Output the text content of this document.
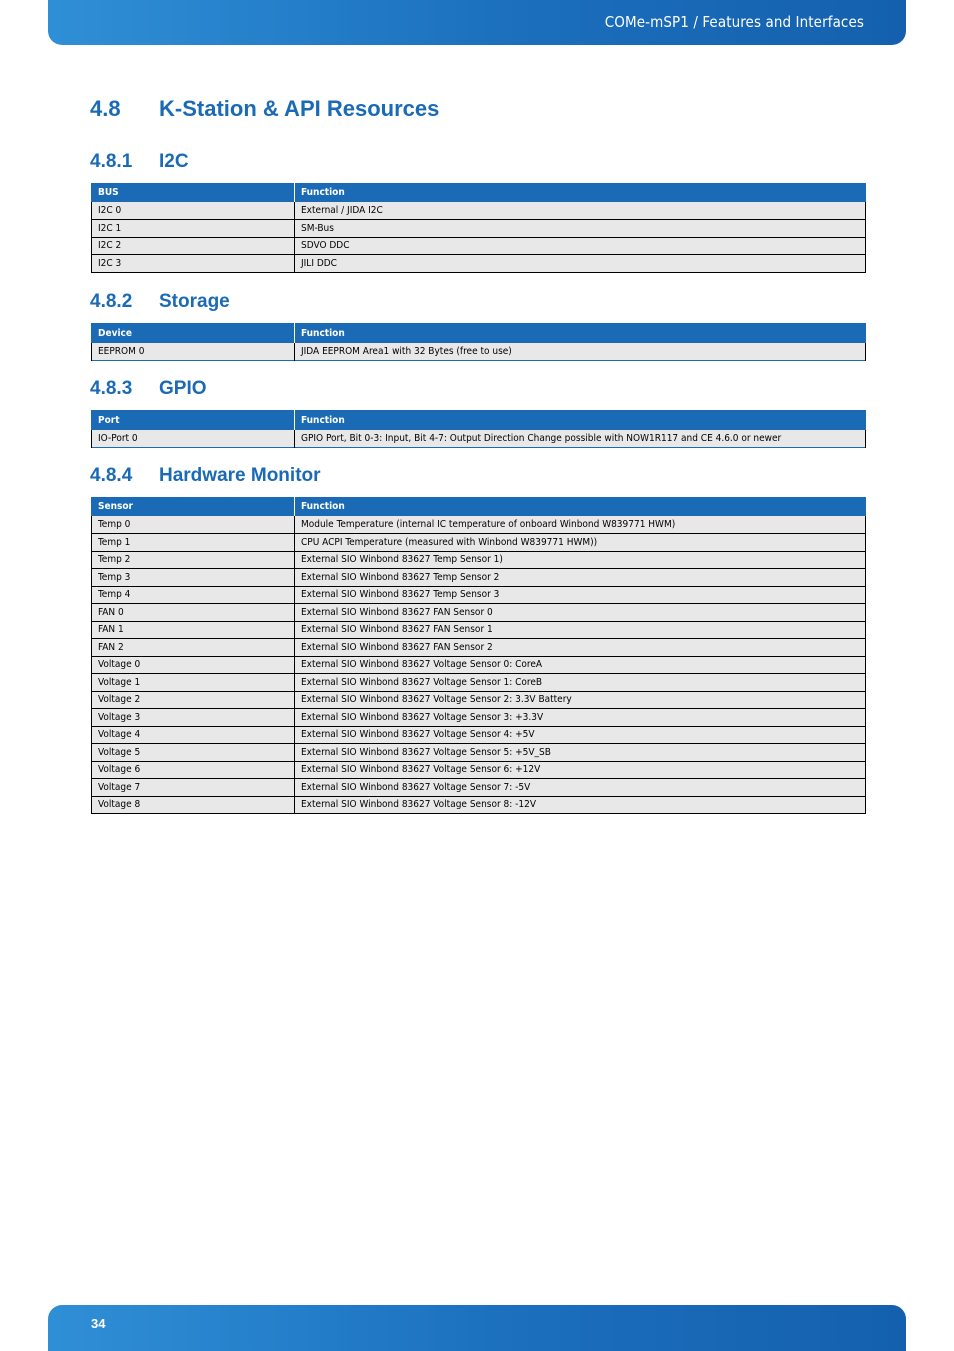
COMe-mSP1 / Features and Interfaces
4.8 K-Station & API Resources
4.8.1 I2C
BUS	Function
I2C 0	External / JIDA I2C
I2C 1	SM-Bus
I2C 2	SDVO DDC
I2C 3	JILI DDC
4.8.2 Storage
Device	Function
EEPROM 0	JIDA EEPROM Area1 with 32 Bytes (free to use)
4.8.3 GPIO
Port	Function
IO-Port 0	GPIO Port, Bit 0-3: Input, Bit 4-7: Output Direction Change possible with NOW1R117 and CE 4.6.0 or newer
4.8.4 Hardware Monitor
Sensor	Function
Temp 0	Module Temperature (internal IC temperature of onboard Winbond W839771 HWM)
Temp 1	CPU ACPI Temperature (measured with Winbond W839771 HWM))
Temp 2	External SIO Winbond 83627 Temp Sensor 1)
Temp 3	External SIO Winbond 83627 Temp Sensor 2
Temp 4	External SIO Winbond 83627 Temp Sensor 3
FAN 0	External SIO Winbond 83627 FAN Sensor 0
FAN 1	External SIO Winbond 83627 FAN Sensor 1
FAN 2	External SIO Winbond 83627 FAN Sensor 2
Voltage 0	External SIO Winbond 83627 Voltage Sensor 0: CoreA
Voltage 1	External SIO Winbond 83627 Voltage Sensor 1: CoreB
Voltage 2	External SIO Winbond 83627 Voltage Sensor 2: 3.3V Battery
Voltage 3	External SIO Winbond 83627 Voltage Sensor 3: +3.3V
Voltage 4	External SIO Winbond 83627 Voltage Sensor 4: +5V
Voltage 5	External SIO Winbond 83627 Voltage Sensor 5: +5V_SB
Voltage 6	External SIO Winbond 83627 Voltage Sensor 6: +12V
Voltage 7	External SIO Winbond 83627 Voltage Sensor 7: -5V
Voltage 8	External SIO Winbond 83627 Voltage Sensor 8: -12V
34
